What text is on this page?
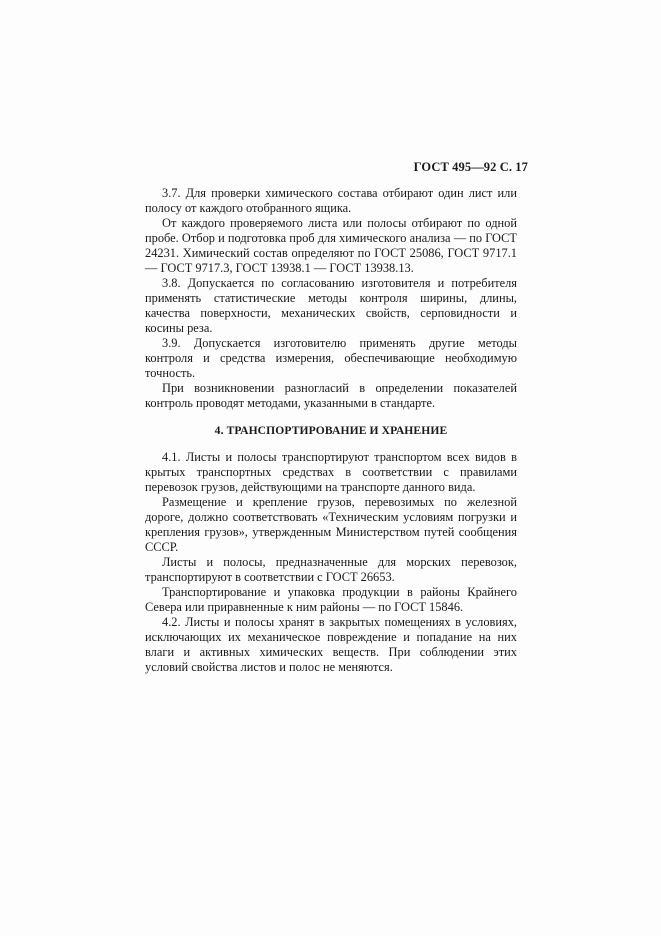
ГОСТ 495—92 С. 17

3.7. Для проверки химического состава отбирают один лист или полосу от каждого отобранного ящика.

От каждого проверяемого листа или полосы отбирают по одной пробе. Отбор и подготовка проб для химического анализа — по ГОСТ 24231. Химический состав определяют по ГОСТ 25086, ГОСТ 9717.1 — ГОСТ 9717.3, ГОСТ 13938.1 — ГОСТ 13938.13.

3.8. Допускается по согласованию изготовителя и потребителя применять статистические методы контроля ширины, длины, качества поверхности, механических свойств, серповидности и косины реза.

3.9. Допускается изготовителю применять другие методы контроля и средства измерения, обеспечивающие необходимую точность.

При возникновении разногласий в определении показателей контроль проводят методами, указанными в стандарте.

4. ТРАНСПОРТИРОВАНИЕ И ХРАНЕНИЕ

4.1. Листы и полосы транспортируют транспортом всех видов в крытых транспортных средствах в соответствии с правилами перевозок грузов, действующими на транспорте данного вида.

Размещение и крепление грузов, перевозимых по железной дороге, должно соответствовать «Техническим условиям погрузки и крепления грузов», утвержденным Министерством путей сообщения СССР.

Листы и полосы, предназначенные для морских перевозок, транспортируют в соответствии с ГОСТ 26653.

Транспортирование и упаковка продукции в районы Крайнего Севера или приравненные к ним районы — по ГОСТ 15846.

4.2. Листы и полосы хранят в закрытых помещениях в условиях, исключающих их механическое повреждение и попадание на них влаги и активных химических веществ. При соблюдении этих условий свойства листов и полос не меняются.
